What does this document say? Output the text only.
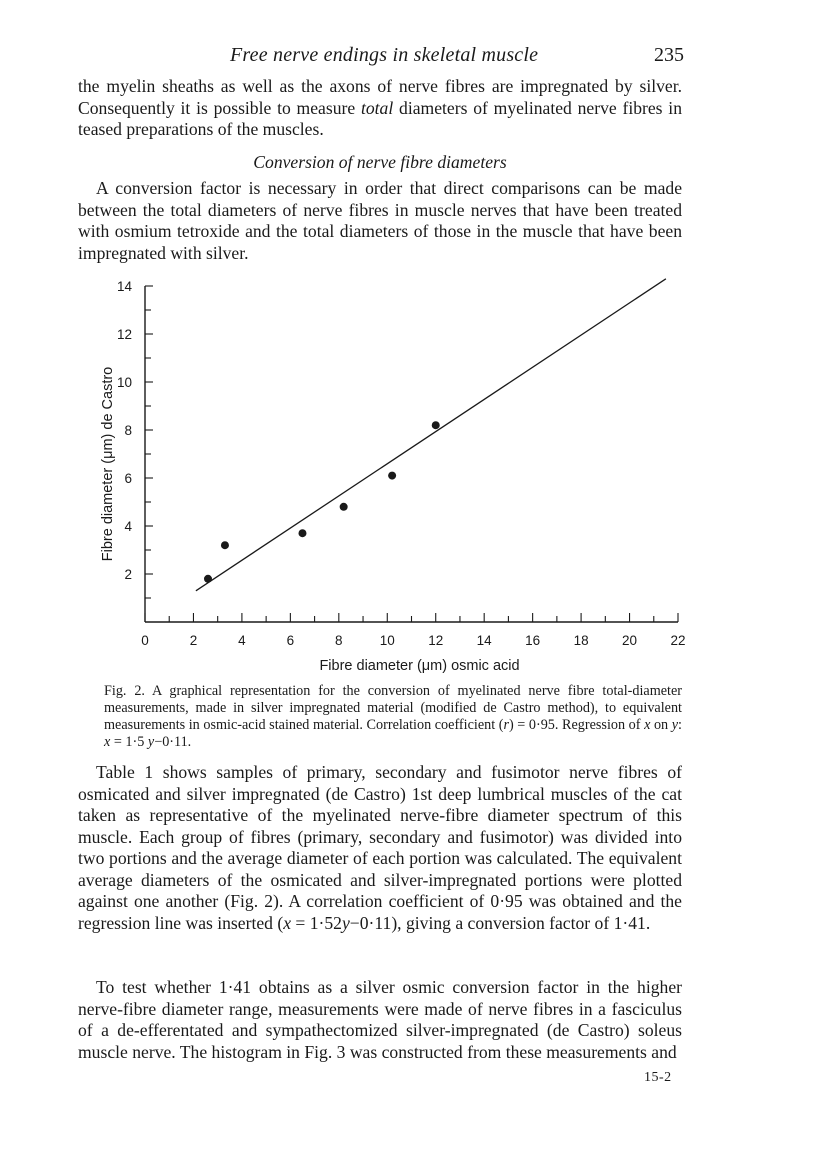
Free nerve endings in skeletal muscle	235

the myelin sheaths as well as the axons of nerve fibres are impregnated by silver. Consequently it is possible to measure total diameters of myelinated nerve fibres in teased preparations of the muscles.

Conversion of nerve fibre diameters

A conversion factor is necessary in order that direct comparisons can be made between the total diameters of nerve fibres in muscle nerves that have been treated with osmium tetroxide and the total diameters of those in the muscle that have been impregnated with silver.

0	2	4	6	8	10 12 14 16 18 20 22
2
4
6
8
10
12
14
Fibre diameter (μm) osmic acid
Fibre diameter (μm) de Castro

Fig. 2. A graphical representation for the conversion of myelinated nerve fibre total-diameter measurements, made in silver impregnated material (modified de Castro method), to equivalent measurements in osmic-acid stained material. Correlation coefficient (r) = 0·95. Regression of x on y: x = 1·5 y−0·11.

Table 1 shows samples of primary, secondary and fusimotor nerve fibres of osmicated and silver impregnated (de Castro) 1st deep lumbrical muscles of the cat taken as representative of the myelinated nerve-fibre diameter spectrum of this muscle. Each group of fibres (primary, secondary and fusimotor) was divided into two portions and the average diameter of each portion was calculated. The equivalent average diameters of the osmicated and silver-impregnated portions were plotted against one another (Fig. 2). A correlation coefficient of 0·95 was obtained and the regression line was inserted (x = 1·52y−0·11), giving a conversion factor of 1·41.

To test whether 1·41 obtains as a silver osmic conversion factor in the higher nerve-fibre diameter range, measurements were made of nerve fibres in a fasciculus of a de-efferentated and sympathectomized silver-impregnated (de Castro) soleus muscle nerve. The histogram in Fig. 3 was constructed from these measurements and

15-2
